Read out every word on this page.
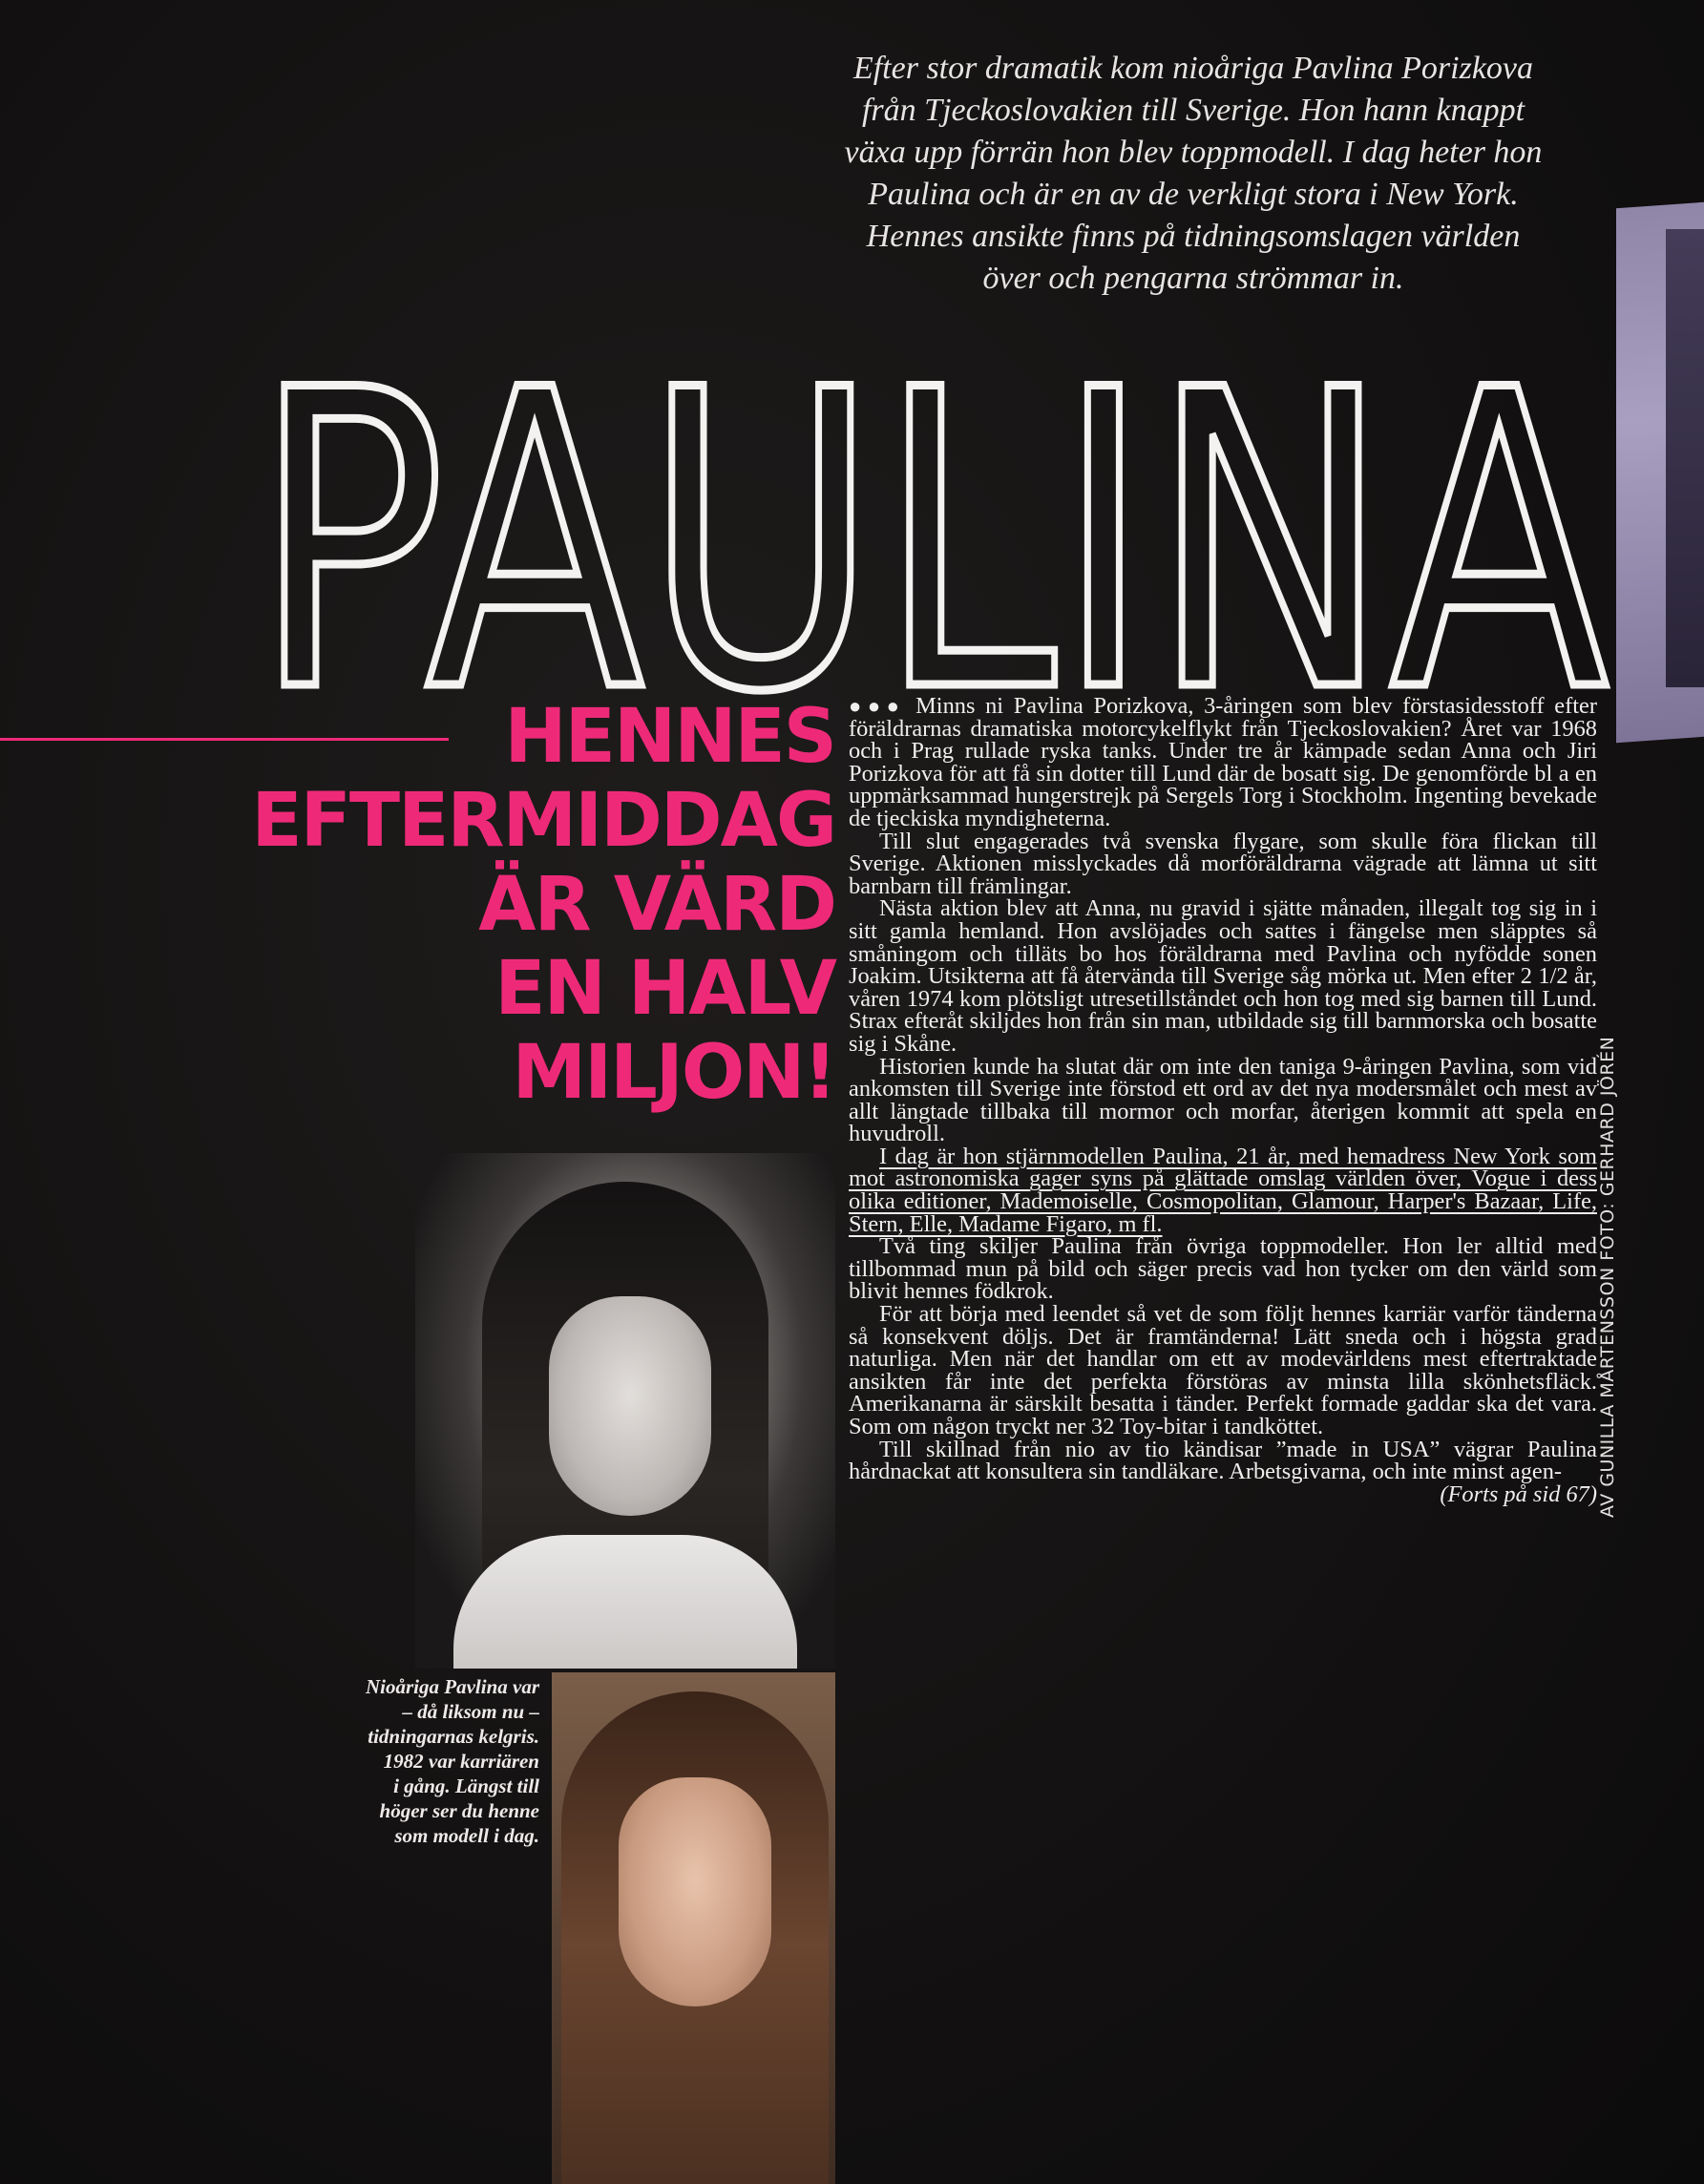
Efter stor dramatik kom nioåriga Pavlina Porizkova från Tjeckoslovakien till Sverige. Hon hann knappt växa upp förrän hon blev toppmodell. I dag heter hon Paulina och är en av de verkligt stora i New York. Hennes ansikte finns på tidningsomslagen världen över och pengarna strömmar in.

PAULINA
HENNES
EFTERMIDDAG
ÄR VÄRD
EN HALV
MILJON!

Nioåriga Pavlina var
– då liksom nu –
tidningarnas kelgris.
1982 var karriären
i gång. Längst till
höger ser du henne
som modell i dag.

●●● Minns ni Pavlina Porizkova, 3-åringen som blev förstasidesstoff efter föräldrarnas dramatiska motorcykelflykt från Tjeckoslovakien? Året var 1968 och i Prag rullade ryska tanks. Under tre år kämpade sedan Anna och Jiri Porizkova för att få sin dotter till Lund där de bosatt sig. De genomförde bl a en uppmärksammad hungerstrejk på Sergels Torg i Stockholm. Ingenting bevekade de tjeckiska myndigheterna.

Till slut engagerades två svenska flygare, som skulle föra flickan till Sverige. Aktionen misslyckades då morföräldrarna vägrade att lämna ut sitt barnbarn till främlingar.

Nästa aktion blev att Anna, nu gravid i sjätte månaden, illegalt tog sig in i sitt gamla hemland. Hon avslöjades och sattes i fängelse men släpptes så småningom och tilläts bo hos föräldrarna med Pavlina och nyfödde sonen Joakim. Utsikterna att få återvända till Sverige såg mörka ut. Men efter 2 1/2 år, våren 1974 kom plötsligt utresetillståndet och hon tog med sig barnen till Lund. Strax efteråt skiljdes hon från sin man, utbildade sig till barnmorska och bosatte sig i Skåne.

Historien kunde ha slutat där om inte den taniga 9-åringen Pavlina, som vid ankomsten till Sverige inte förstod ett ord av det nya modersmålet och mest av allt längtade tillbaka till mormor och morfar, återigen kommit att spela en huvudroll.

I dag är hon stjärnmodellen Paulina, 21 år, med hemadress New York som mot astronomiska gager syns på glättade omslag världen över, Vogue i dess olika editioner, Mademoiselle, Cosmopolitan, Glamour, Harper's Bazaar, Life, Stern, Elle, Madame Figaro, m fl.

Två ting skiljer Paulina från övriga toppmodeller. Hon ler alltid med tillbommad mun på bild och säger precis vad hon tycker om den värld som blivit hennes födkrok.

För att börja med leendet så vet de som följt hennes karriär varför tänderna så konsekvent döljs. Det är framtänderna! Lätt sneda och i högsta grad naturliga. Men när det handlar om ett av modevärldens mest eftertraktade ansikten får inte det perfekta förstöras av minsta lilla skönhetsfläck. Amerikanarna är särskilt besatta i tänder. Perfekt formade gaddar ska det vara. Som om någon tryckt ner 32 Toy-bitar i tandköttet.

Till skillnad från nio av tio kändisar ”made in USA” vägrar Paulina hårdnackat att konsultera sin tandläkare. Arbetsgivarna, och inte minst agen-
(Forts på sid 67) AV GUNILLA MÅRTENSSON FOTO: GERHARD JÖRÉN
